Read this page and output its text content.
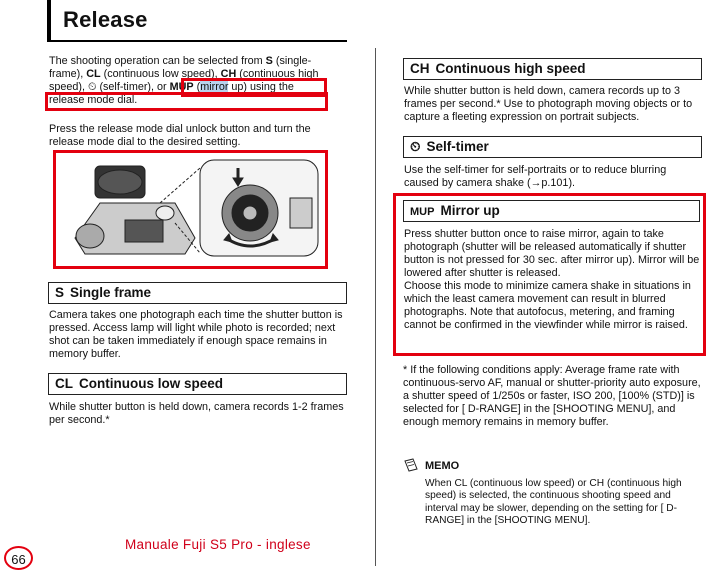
Release
The shooting operation can be selected from S (single-
frame), CL (continuous low speed), CH (continuous high
speed), ⏲ (self-timer), or MUP (mirror up) using the
release mode dial.
Press the release mode dial unlock button and turn the release mode dial to the desired setting.
S Single frame
Camera takes one photograph each time the shutter button is pressed. Access lamp will light while photo is recorded; next shot can be taken immediately if enough space remains in memory buffer.
CL Continuous low speed
While shutter button is held down, camera records 1-2 frames per second.*
CH Continuous high speed
While shutter button is held down, camera records up to 3 frames per second.* Use to photograph moving objects or to capture a fleeting expression on portrait subjects.
⏲ Self-timer
Use the self-timer for self-portraits or to reduce blurring caused by camera shake (→p.101).
MUP Mirror up
Press shutter button once to raise mirror, again to take photograph (shutter will be released automatically if shutter button is not pressed for 30 sec. after mirror up). Mirror will be lowered after shutter is released.
Choose this mode to minimize camera shake in situations in which the least camera movement can result in blurred photographs. Note that autofocus, metering, and framing cannot be confirmed in the viewfinder while mirror is raised.
* If the following conditions apply: Average frame rate with continuous-servo AF, manual or shutter-priority auto exposure, a shutter speed of 1/250s or faster, ISO 200, [100% (STD)] is selected for [ D-RANGE] in the [SHOOTING MENU], and enough memory remains in memory buffer.
MEMO
When CL (continuous low speed) or CH (continuous high speed) is selected, the continuous shooting speed and interval may be slower, depending on the setting for [ D-RANGE] in the [SHOOTING MENU].
Manuale Fuji S5 Pro - inglese
66
